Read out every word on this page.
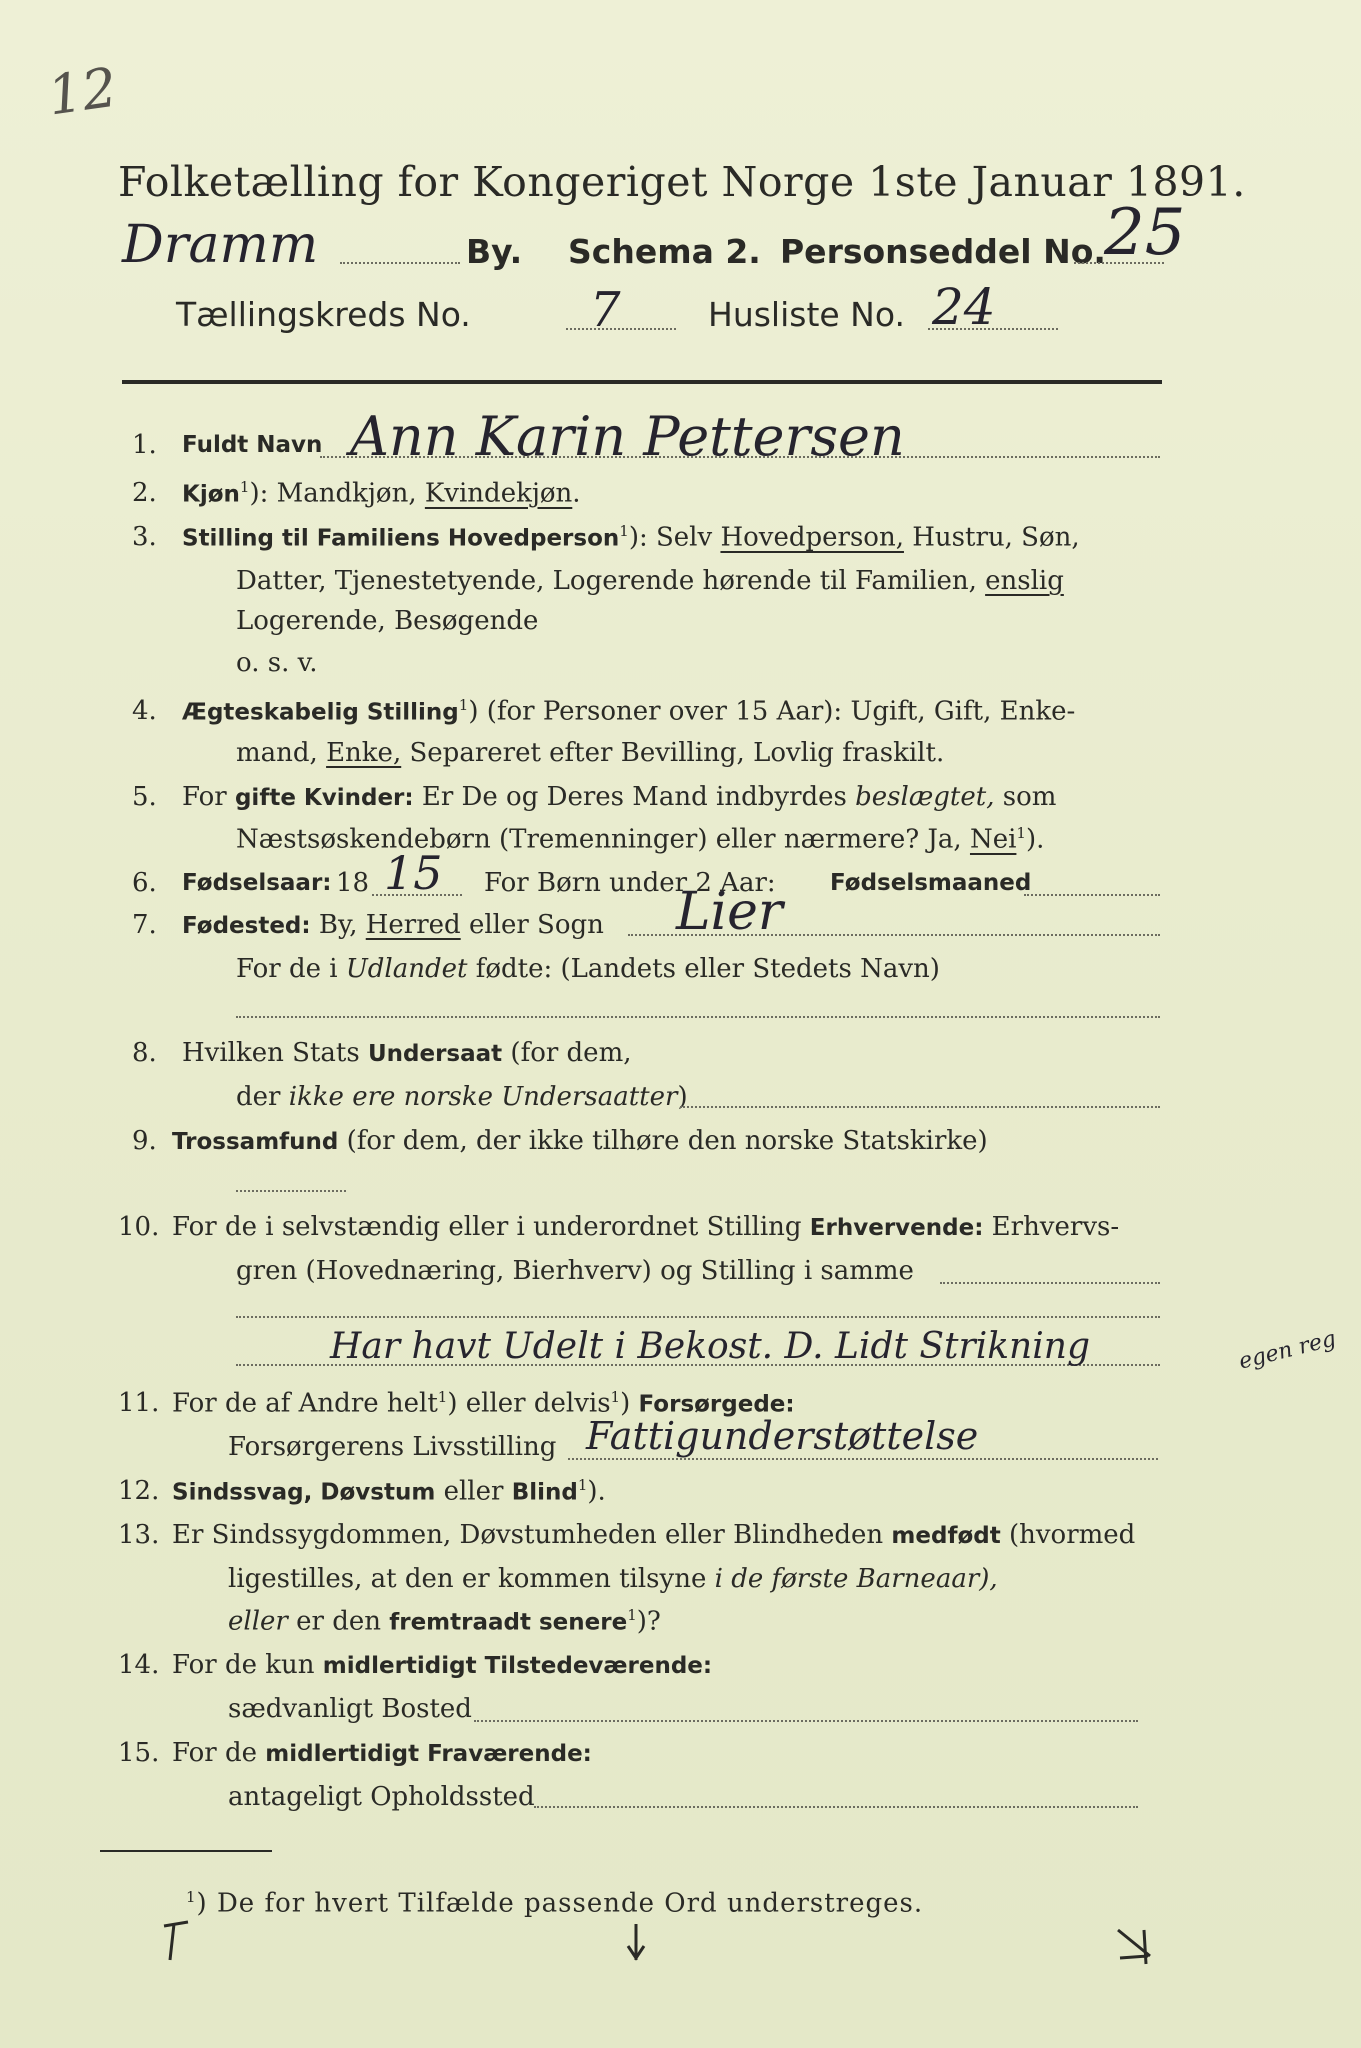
12
Folketælling for Kongeriget Norge 1ste Januar 1891.
Dramm	By. Schema 2. Personseddel No.
25
Tællingskreds No. 7	Husliste No. 24
1. Fuldt Navn Ann Karin Pettersen
2. Kjøn$^1$): Mandkjøn, Kvindekjøn.
3. Stilling til Familiens Hovedperson$^1$): Selv Hovedperson, Hustru, Søn,
Datter, Tjenestetyende, Logerende hørende til Familien, enslig
Logerende, Besøgende
o. s. v.
4. Ægteskabelig Stilling$^1$) (for Personer over 15 Aar): Ugift, Gift, Enke-
mand, Enke, Separeret efter Bevilling, Lovlig fraskilt.
5. For gifte Kvinder: Er De og Deres Mand indbyrdes beslægtet, som
Næstsøskendebørn (Tremenninger) eller nærmere? Ja, Nei$^1$).
6. Fødselsaar: 18 15 For Børn under 2 Aar: Fødselsmaaned
7. Fødested: By, Herred eller Sogn Lier
For de i Udlandet fødte: (Landets eller Stedets Navn)
8. Hvilken Stats Undersaat (for dem,
der ikke ere norske Undersaatter)
9. Trossamfund (for dem, der ikke tilhøre den norske Statskirke)
10. For de i selvstændig eller i underordnet Stilling Erhvervende: Erhvervs-
gren (Hovednæring, Bierhverv) og Stilling i samme
Har havt Udelt i Bekost. D. Lidt Strikning	egen reg
11. For de af Andre helt$^1$) eller delvis$^1$) Forsørgede:
Forsørgerens Livsstilling Fattigunderstøttelse
12. Sindssvag, Døvstum eller Blind$^1$).
13. Er Sindssygdommen, Døvstumheden eller Blindheden medfødt (hvormed
ligestilles, at den er kommen tilsyne i de første Barneaar),
eller er den fremtraadt senere$^1$)?
14. For de kun midlertidigt Tilstedeværende:
sædvanligt Bosted
15. For de midlertidigt Fraværende:
antageligt Opholdssted
$^1$) De for hvert Tilfælde passende Ord understreges.
